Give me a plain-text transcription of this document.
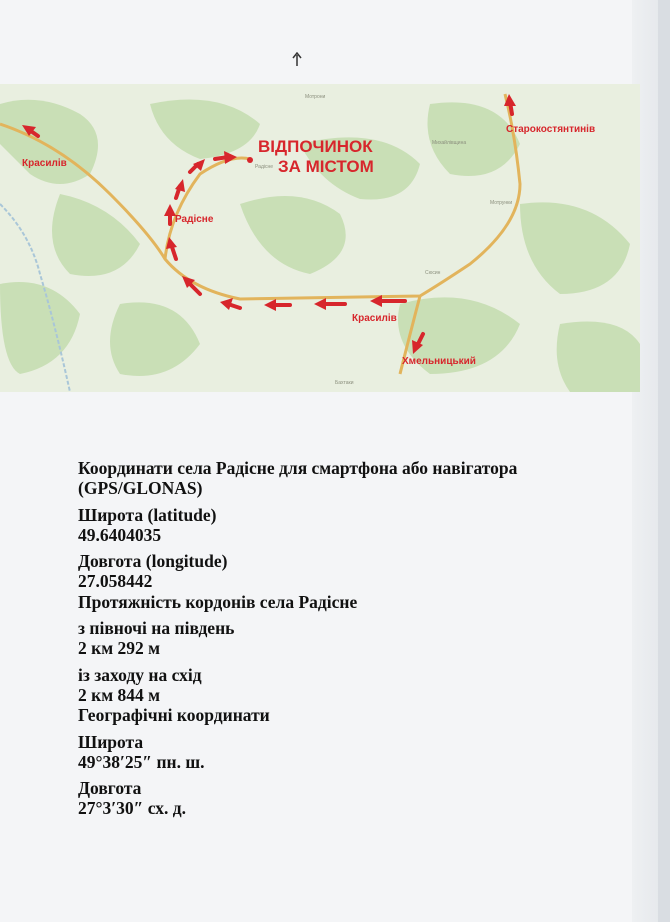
Мотрони
Радісне
Михайлівщина
Мотрунки
Сюсин
Бахтаки
ВІДПОЧИНОК
ЗА МІСТОМ
Красилів
Радісне
Старокостянтинів
Красилів
Хмельницький

Координати села Радісне для смартфона або навігатора

(GPS/GLONAS)

Широта (latitude)

49.6404035

Довгота (longitude)

27.058442

Протяжність кордонів села Радісне

з півночі на південь

2 км 292 м

із заходу на схід

2 км 844 м

Географічні координати

Широта

49°38′25″ пн. ш.

Довгота

27°3′30″ сх. д.
